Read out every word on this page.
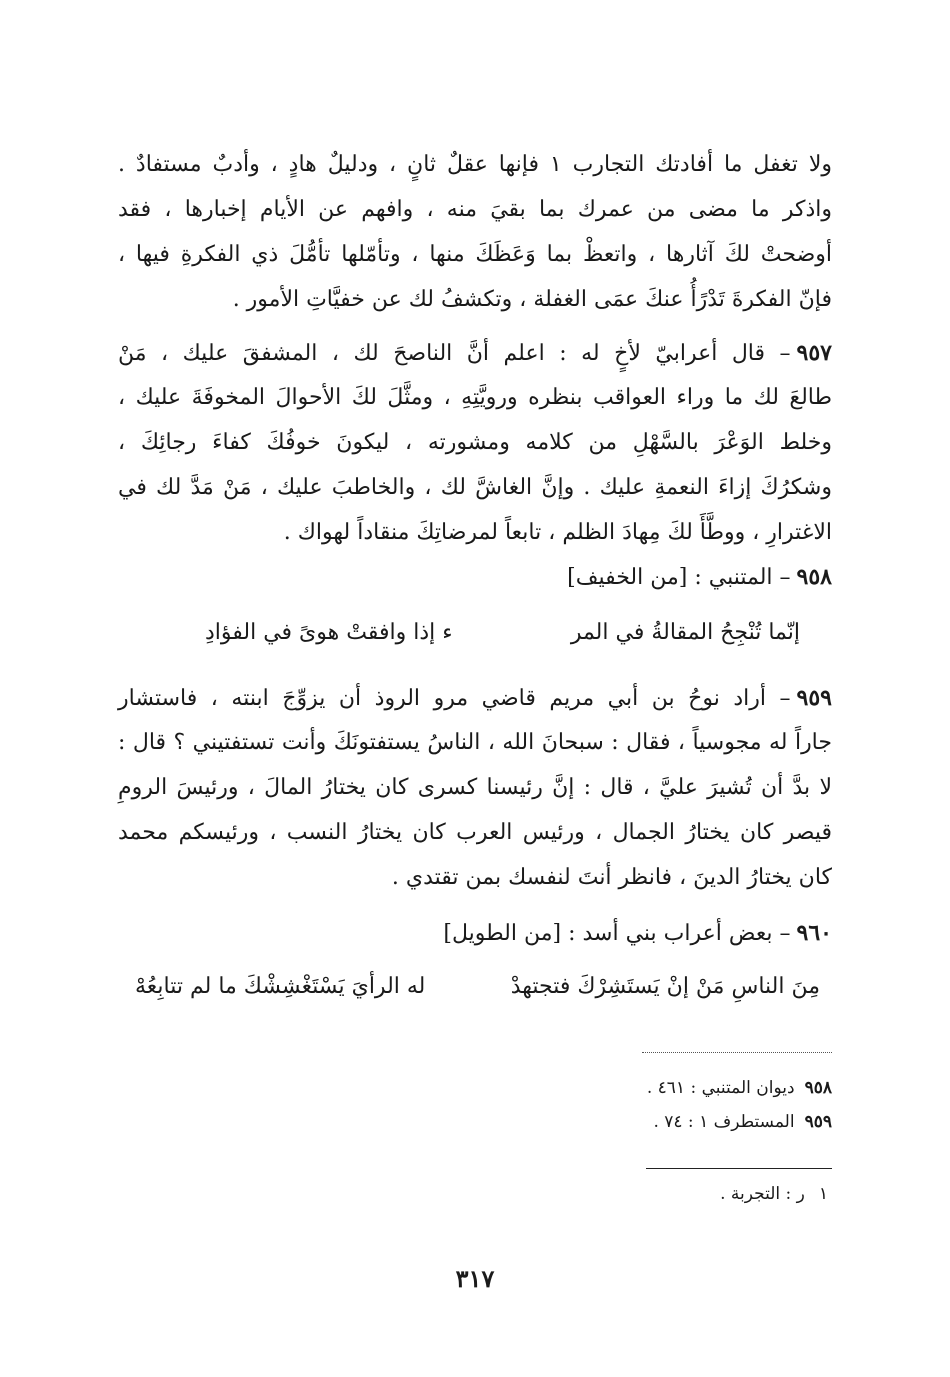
ولا تغفل ما أفادتك التجارب ١ فإنها عقلٌ ثانٍ ، ودليلٌ هادٍ ، وأدبٌ مستفادٌ .
واذكر ما مضى من عمرك بما بقيَ منه ، وافهم عن الأيام إخبارها ، فقد
أوضحتْ لكَ آثارها ، واتعظْ بما وَعَظَكَ منها ، وتأمّلها تأمُّلَ ذي الفكرةِ فيها ،
فإنّ الفكرةَ تَدْرًأُ عنكَ عمَى الغفلة ، وتكشفُ لك عن خفيَّاتِ الأمور .
٩٥٧– قال أعرابيّ لأخٍ له : اعلم أنَّ الناصحَ لك ، المشفقَ عليك ، مَنْ
طالعَ لك ما وراء العواقب بنظره ورويَّتِهِ ، ومثَّلَ لكَ الأحوالَ المخوفَةَ عليك ،
وخلط الوَعْرَ بالسَّهْلِ من كلامه ومشورته ، ليكونَ خوفُكَ كفاءَ رجائِكَ ،
وشكرُكَ إزاءَ النعمةِ عليك . وإنَّ الغاشَّ لك ، والخاطبَ عليك ، مَنْ مَدَّ لك في
الاغترارِ ، ووطَّأَ لكَ مِهادَ الظلم ، تابعاً لمرضاتِكَ منقاداً لهواك .
٩٥٨– المتنبي : [من الخفيف]
إنّما تُنْجِحُ المقالةُ في المر
ء إذا وافقتْ هوىً في الفؤادِ
٩٥٩– أراد نوحُ بن أبي مريم قاضي مرو الروذ أن يزوِّجَ ابنته ، فاستشار
جاراً له مجوسياً ، فقال : سبحانَ الله ، الناسُ يستفتونَكَ وأنت تستفتيني ؟ قال :
لا بدَّ أن تُشيرَ عليَّ ، قال : إنَّ رئيسنا كسرى كان يختارُ المالَ ، ورئيسَ الرومِ
قيصر كان يختارُ الجمال ، ورئيس العرب كان يختارُ النسب ، ورئيسكم محمد
كان يختارُ الدينَ ، فانظر أنتَ لنفسك بمن تقتدي .
٩٦٠– بعض أعراب بني أسد : [من الطويل]
مِنَ الناسِ مَنْ إنْ يَستَشِرْكَ فتجتهدْ
له الرأيَ يَسْتَغْشِشْكَ ما لم تتابِعُهْ
٩٥٨ديوان المتنبي : ٤٦١ .
٩٥٩المستطرف ١ : ٧٤ .
١ر : التجربة .
٣١٧
